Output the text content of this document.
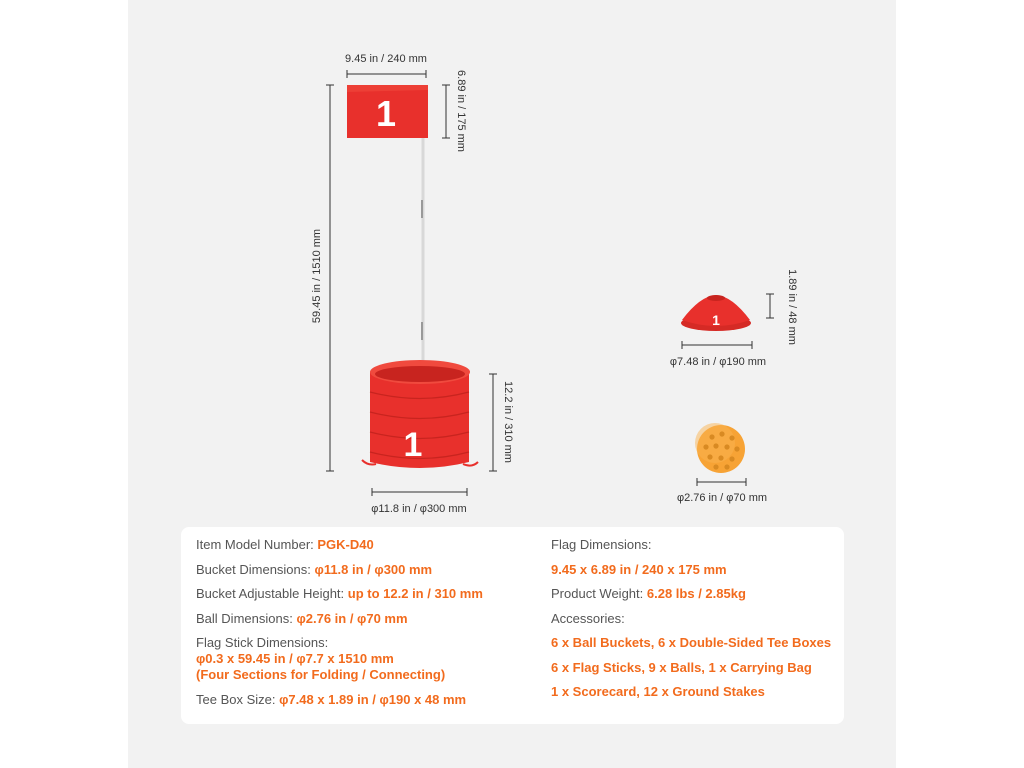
9.45 in / 240 mm
6.89 in / 175 mm
59.45 in / 1510 mm
1
1	12.2 in / 310 mm
φ11.8 in / φ300 mm
1	1.89 in / 48 mm
φ7.48 in / φ190 mm
φ2.76 in / φ70 mm
Item Model Number: PGK-D40
Bucket Dimensions: φ11.8 in / φ300 mm
Bucket Adjustable Height: up to 12.2 in / 310 mm
Ball Dimensions: φ2.76 in / φ70 mm
Flag Stick Dimensions:
φ0.3 x 59.45 in / φ7.7 x 1510 mm
(Four Sections for Folding / Connecting)
Tee Box Size: φ7.48 x 1.89 in / φ190 x 48 mm
Flag Dimensions:
9.45 x 6.89 in / 240 x 175 mm
Product Weight: 6.28 lbs / 2.85kg
Accessories:
6 x Ball Buckets, 6 x Double-Sided Tee Boxes
6 x Flag Sticks, 9 x Balls, 1 x Carrying Bag
1 x Scorecard, 12 x Ground Stakes
